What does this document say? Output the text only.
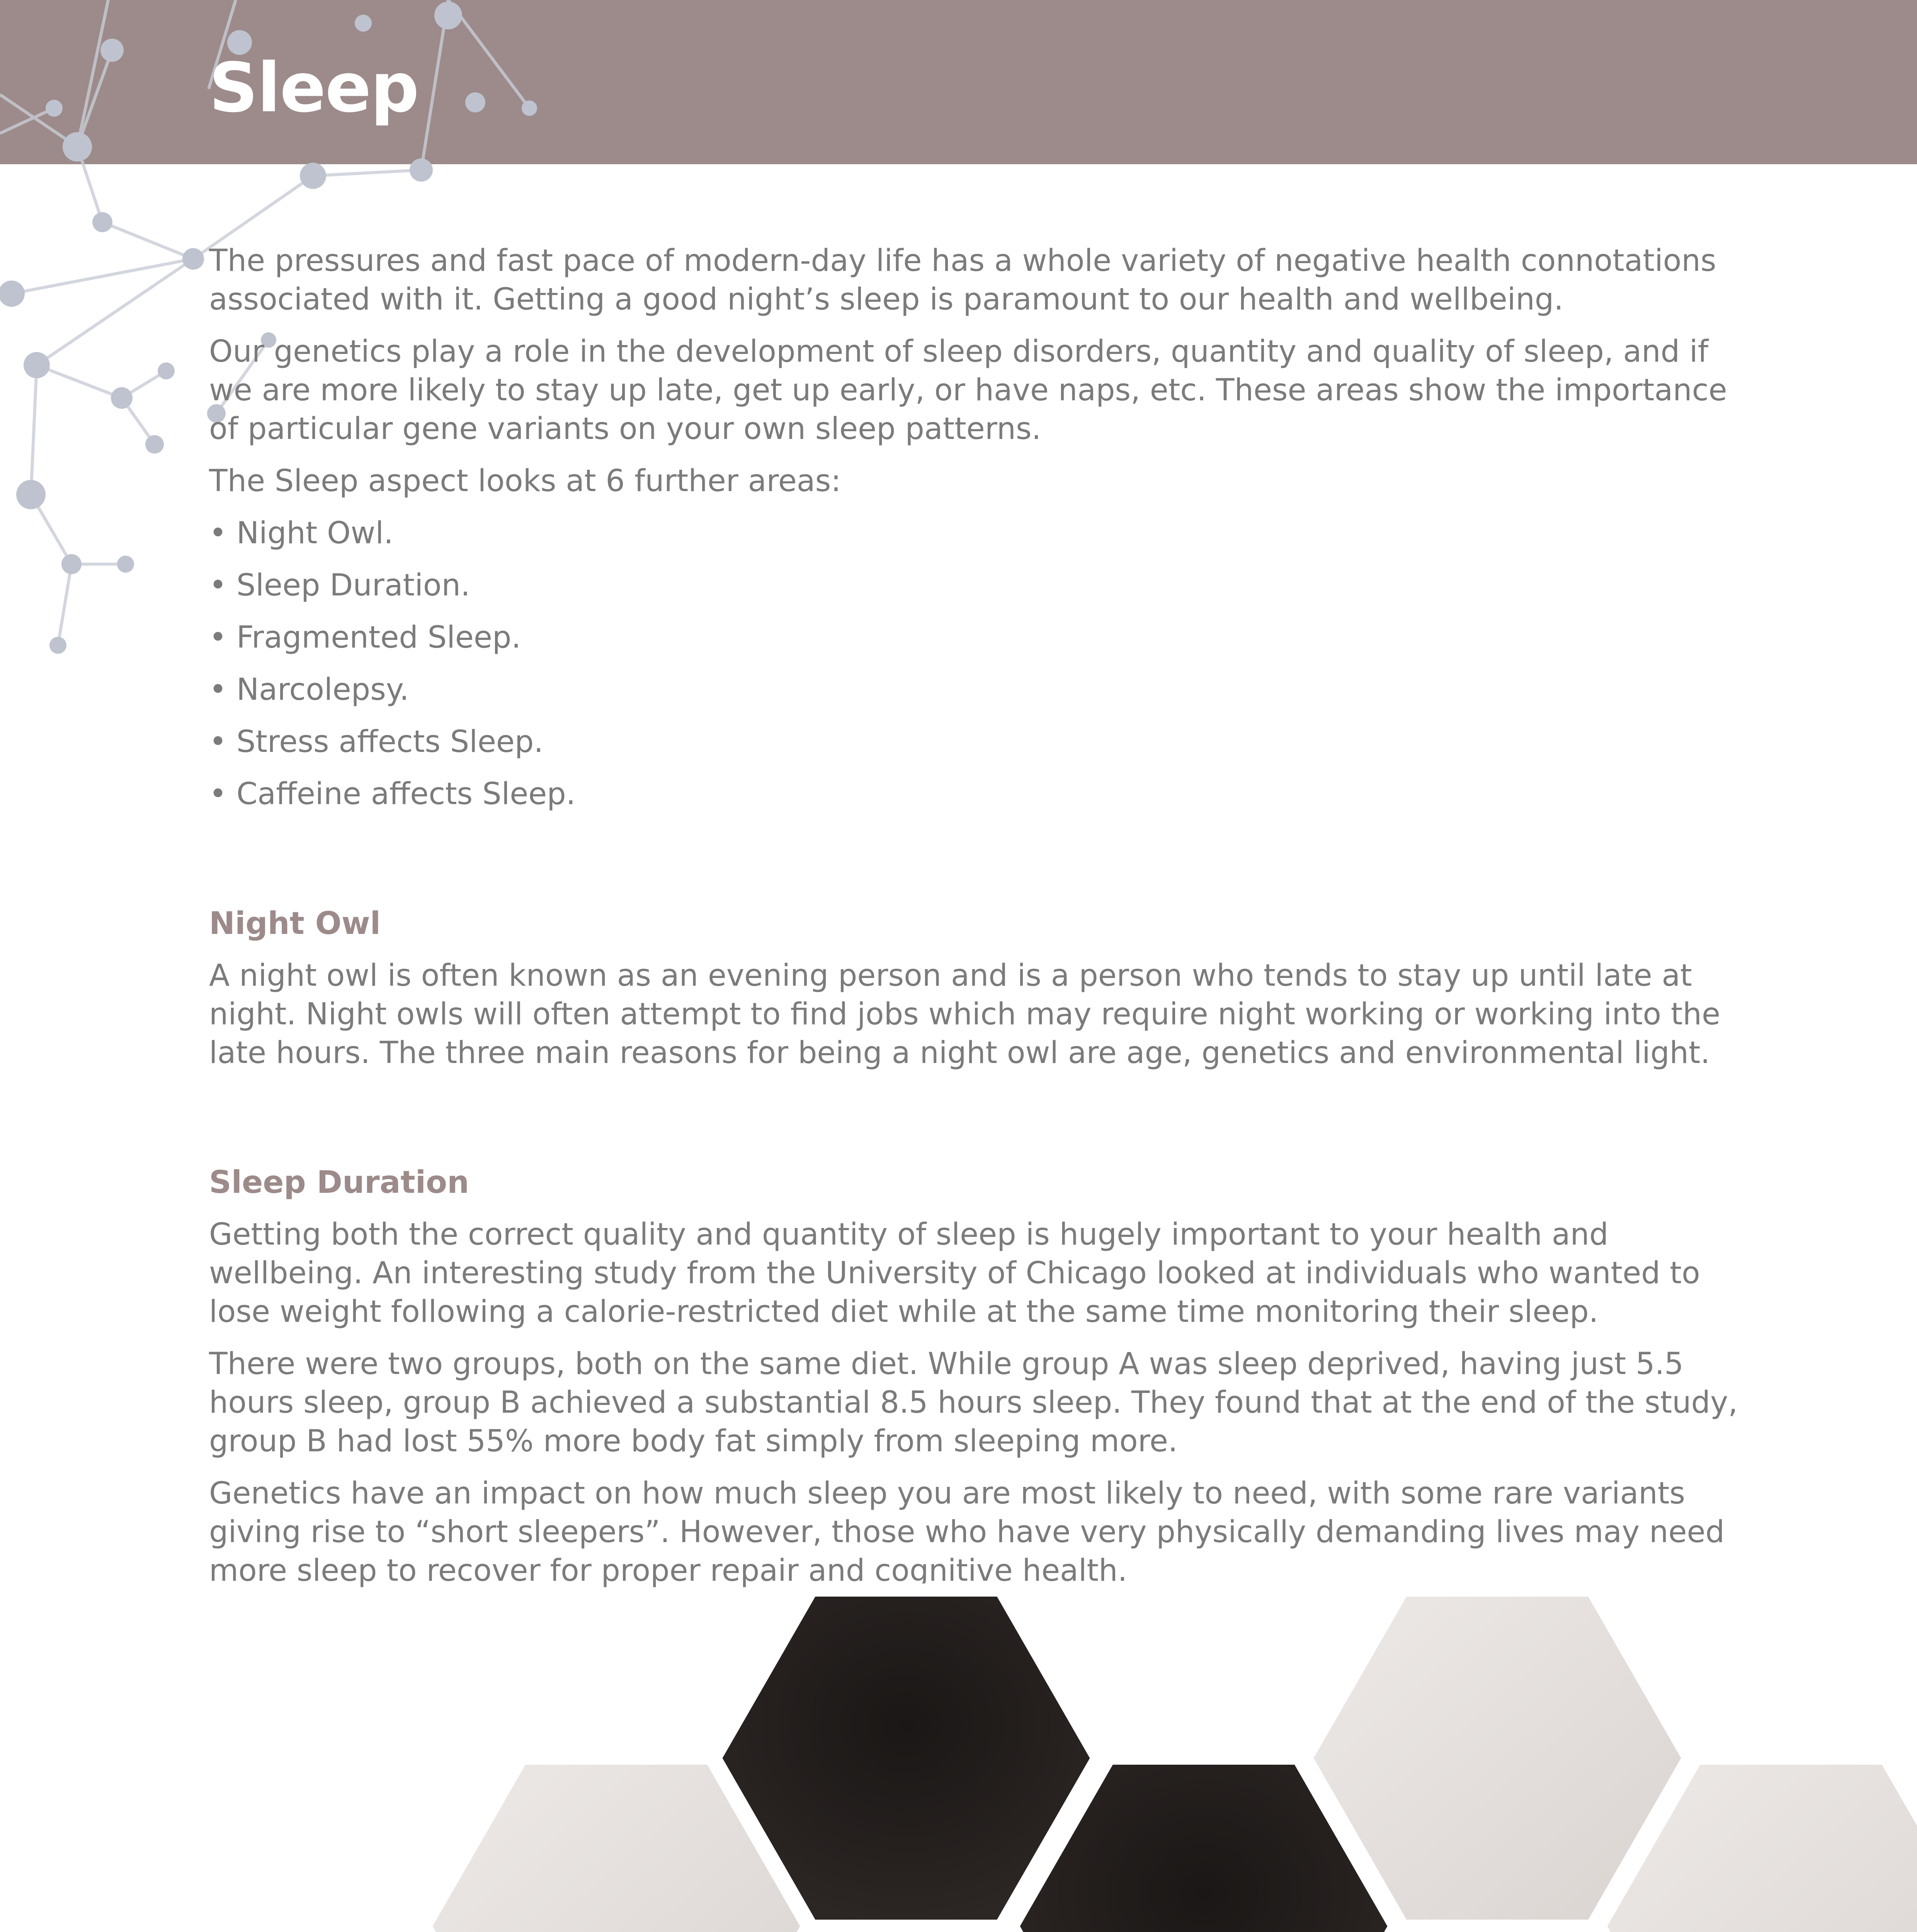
Sleep

The pressures and fast pace of modern-day life has a whole variety of negative health connotations associated with it. Getting a good night’s sleep is paramount to our health and wellbeing.

Our genetics play a role in the development of sleep disorders, quantity and quality of sleep, and if we are more likely to stay up late, get up early, or have naps, etc. These areas show the importance of particular gene variants on your own sleep patterns.

The Sleep aspect looks at 6 further areas:

• Night Owl.
• Sleep Duration.
• Fragmented Sleep.
• Narcolepsy.
• Stress affects Sleep.
• Caffeine affects Sleep.

Night Owl

A night owl is often known as an evening person and is a person who tends to stay up until late at night. Night owls will often attempt to find jobs which may require night working or working into the late hours. The three main reasons for being a night owl are age, genetics and environmental light.

Sleep Duration

Getting both the correct quality and quantity of sleep is hugely important to your health and wellbeing. An interesting study from the University of Chicago looked at individuals who wanted to lose weight following a calorie-restricted diet while at the same time monitoring their sleep.

There were two groups, both on the same diet. While group A was sleep deprived, having just 5.5 hours sleep, group B achieved a substantial 8.5 hours sleep. They found that at the end of the study, group B had lost 55% more body fat simply from sleeping more.

Genetics have an impact on how much sleep you are most likely to need, with some rare variants giving rise to “short sleepers”. However, those who have very physically demanding lives may need more sleep to recover for proper repair and cognitive health.
